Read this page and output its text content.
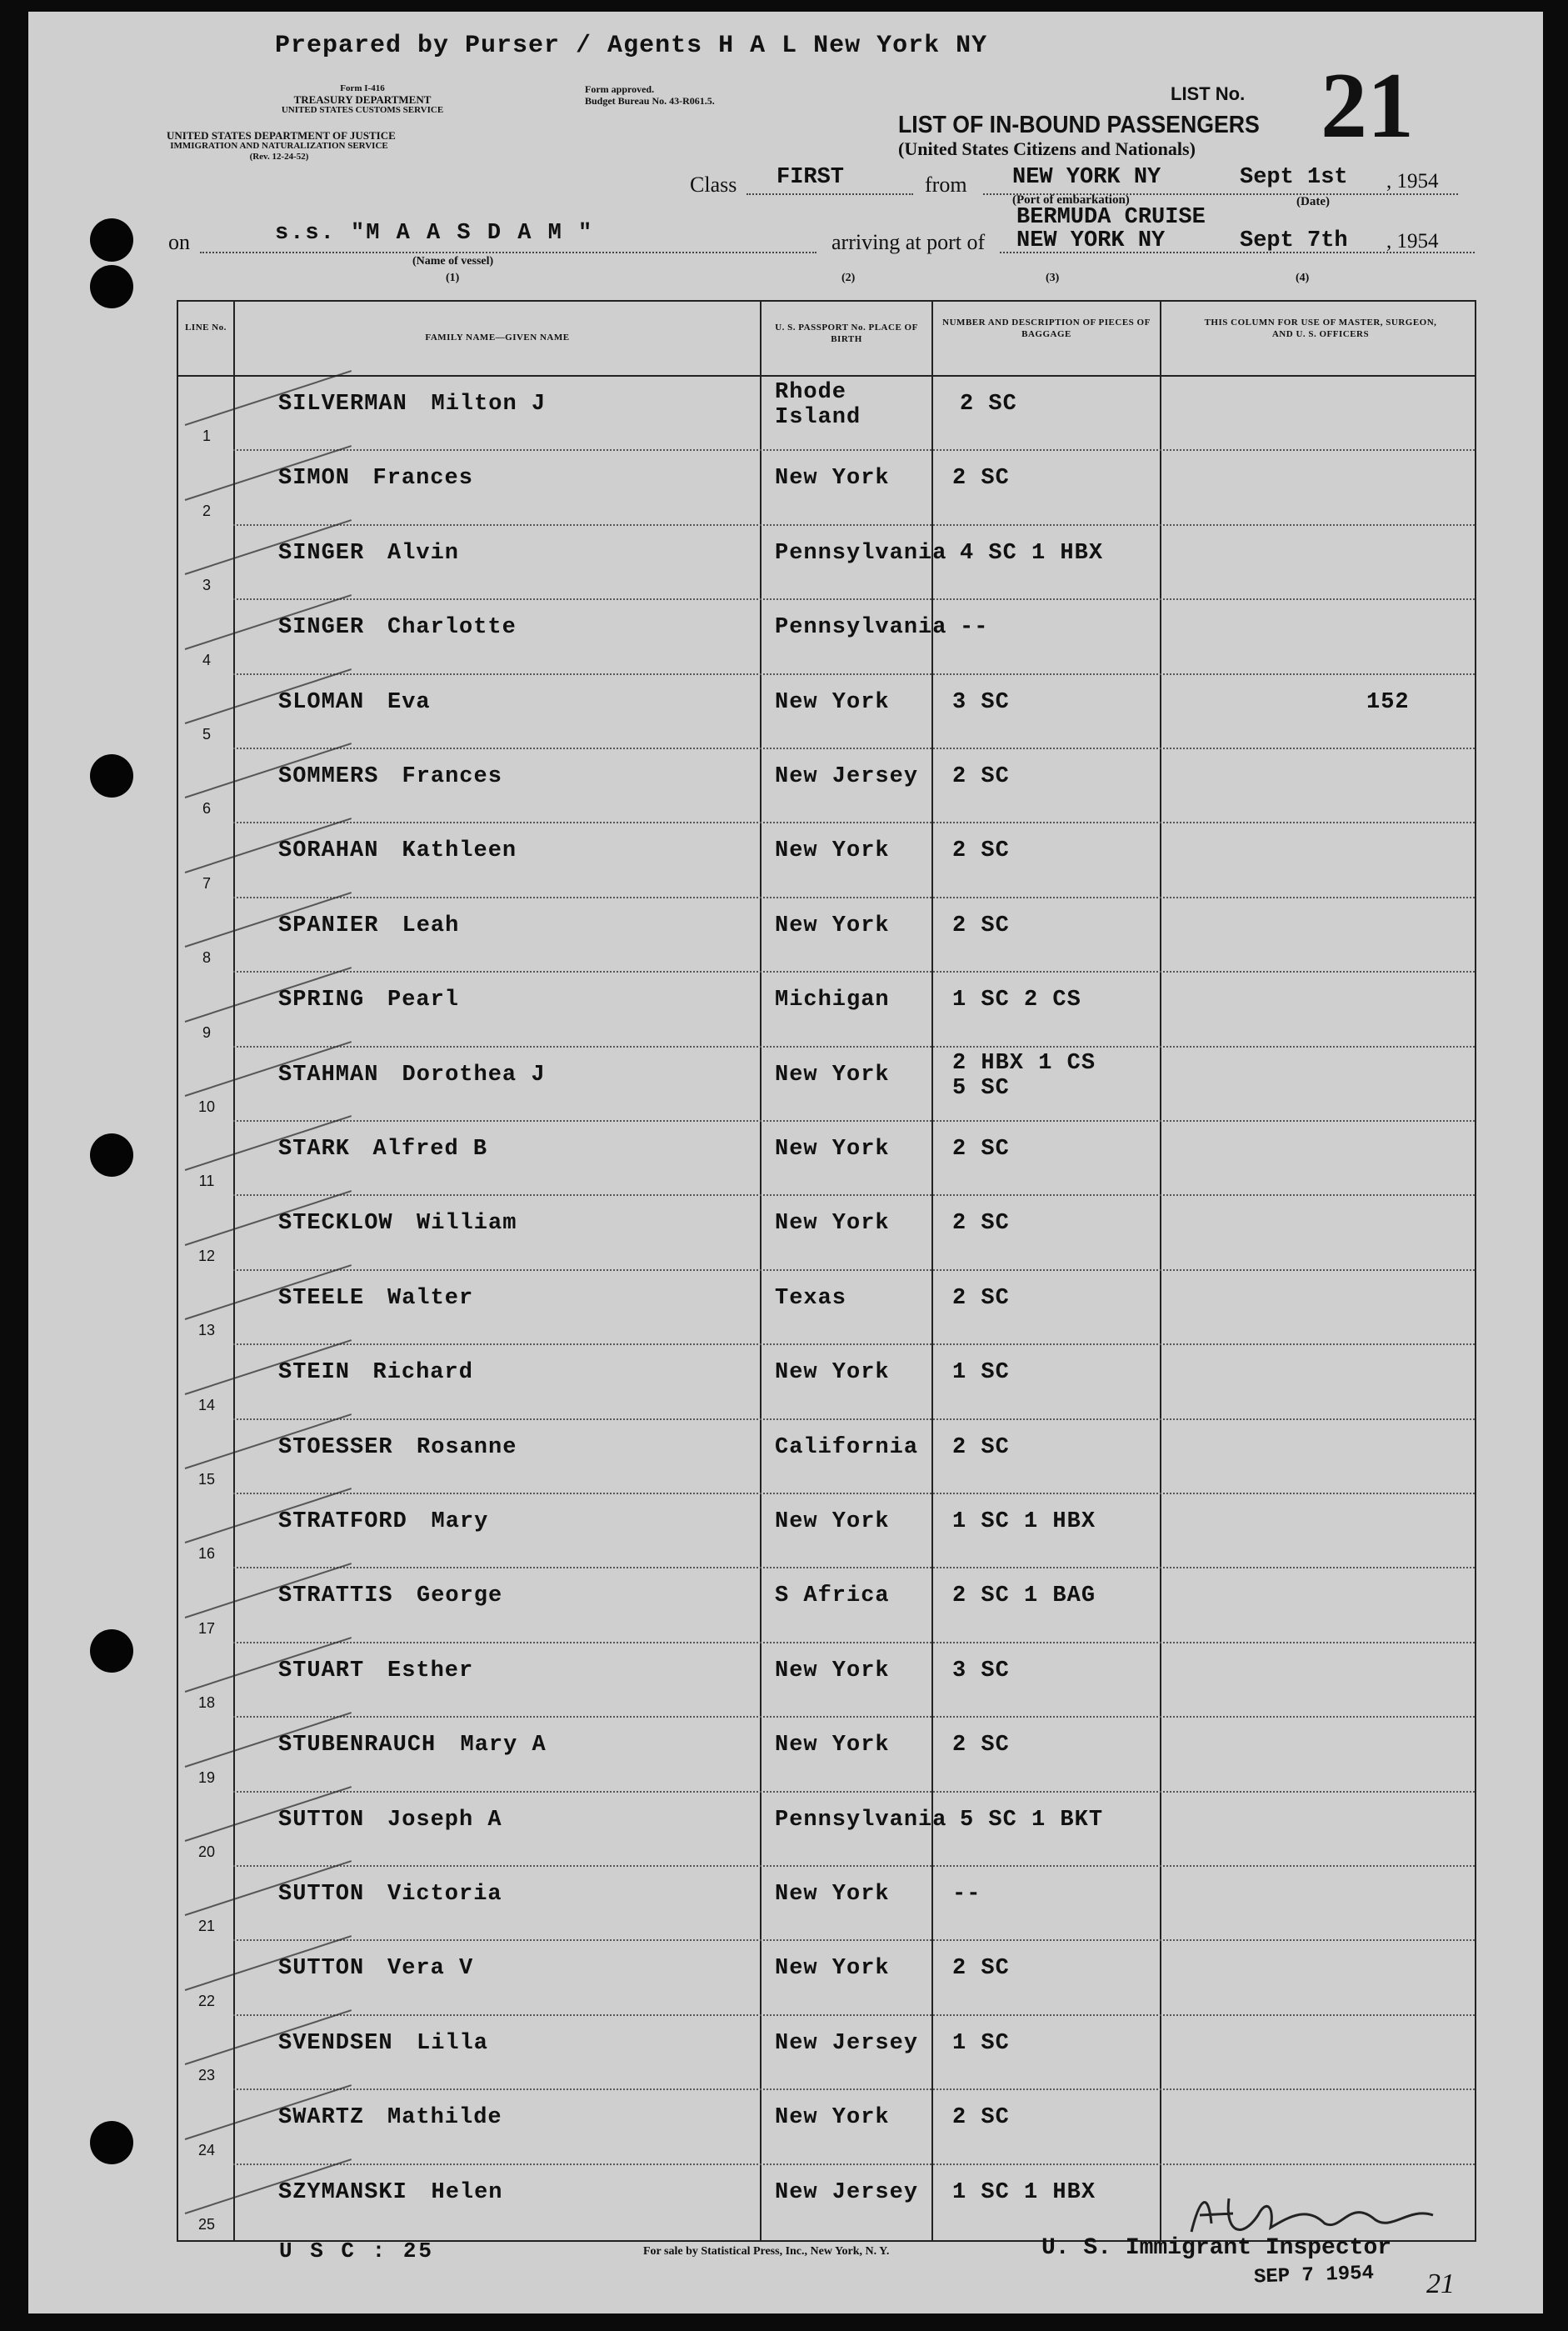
Prepared by Purser / Agents H A L New York NY
Form I-416
TREASURY DEPARTMENT
UNITED STATES CUSTOMS SERVICE
UNITED STATES DEPARTMENT OF JUSTICE
IMMIGRATION AND NATURALIZATION SERVICE
(Rev. 12-24-52)
Form approved.
Budget Bureau No. 43-R061.5.	LIST No. 21
LIST OF IN-BOUND PASSENGERS
(United States Citizens and Nationals)
Class FIRST	from NEW YORK NY	Sept 1st , 1954
(Port of embarkation)	(Date)
on	s.s. "M A A S D A M "
(Name of vessel)
(1)
arriving at port of
BERMUDA CRUISE
NEW YORK NY	Sept 7th , 1954
(2)	(3)	(4)
LINE No.
FAMILY NAME—GIVEN NAME
U. S. PASSPORT No. PLACE OF BIRTH
NUMBER AND DESCRIPTION OF PIECES OF BAGGAGE
THIS COLUMN FOR USE OF MASTER, SURGEON, AND U. S. OFFICERS
1
SILVERMAN Milton J	Rhode
Island
2 SC
2
SIMON Frances	New York	2 SC
3
SINGER Alvin	Pennsylvania 4 SC 1 HBX
4
SINGER Charlotte	Pennsylvania --
5
SLOMAN Eva	New York	3 SC	152
6
SOMMERS Frances	New Jersey 2 SC
7
SORAHAN Kathleen	New York	2 SC
8
SPANIER Leah	New York	2 SC
9
SPRING Pearl	Michigan	1 SC 2 CS
10
STAHMAN Dorothea J	New York	2 HBX 1 CS
5 SC
11
STARK Alfred B	New York	2 SC
12
STECKLOW William	New York	2 SC
13
STEELE Walter	Texas	2 SC
14
STEIN Richard	New York	1 SC
15
STOESSER Rosanne	California 2 SC
16
STRATFORD Mary	New York	1 SC 1 HBX
17
STRATTIS George	S Africa	2 SC 1 BAG
18
STUART Esther	New York	3 SC
19
STUBENRAUCH Mary A	New York	2 SC
20
SUTTON Joseph A	Pennsylvania 5 SC 1 BKT
21
SUTTON Victoria	New York	--
22
SUTTON Vera V	New York	2 SC
23
SVENDSEN Lilla	New Jersey 1 SC
24
SWARTZ Mathilde	New York	2 SC
25
SZYMANSKI Helen	New Jersey 1 SC 1 HBX
U S C : 25	For sale by Statistical Press, Inc., New York, N. Y.	U. S. Immigrant Inspector
SEP 7 1954 21
